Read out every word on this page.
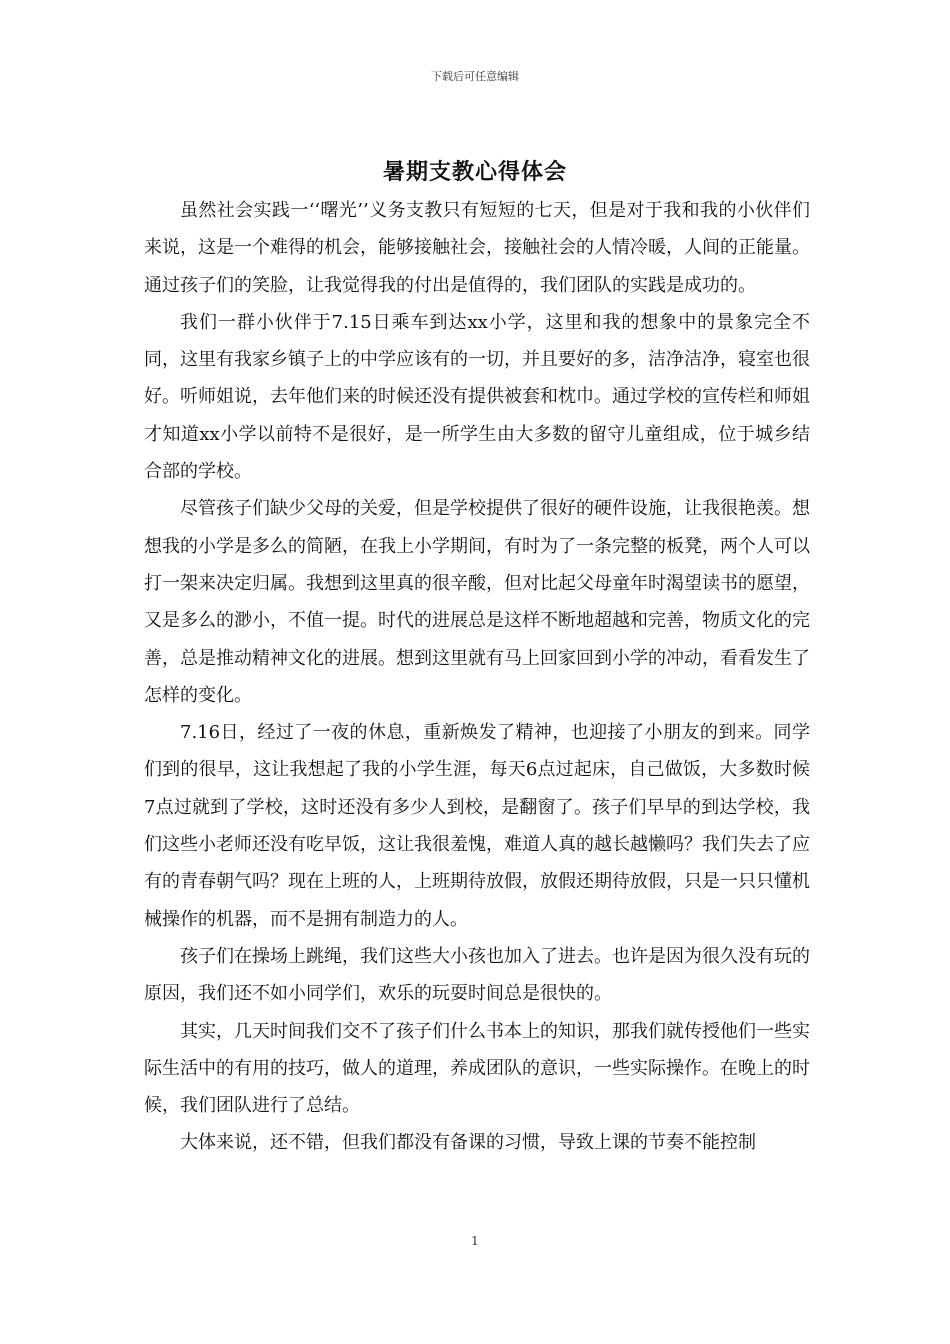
下载后可任意编辑
暑期支教心得体会

虽然社会实践一‘‘曙光’’义务支教只有短短的七天，但是对于我和我的小伙伴们来说，这是一个难得的机会，能够接触社会，接触社会的人情冷暖，人间的正能量。通过孩子们的笑脸，让我觉得我的付出是值得的，我们团队的实践是成功的。

我们一群小伙伴于7.15日乘车到达xx小学，这里和我的想象中的景象完全不同，这里有我家乡镇子上的中学应该有的一切，并且要好的多，洁净洁净，寝室也很好。听师姐说，去年他们来的时候还没有提供被套和枕巾。通过学校的宣传栏和师姐才知道xx小学以前特不是很好，是一所学生由大多数的留守儿童组成，位于城乡结合部的学校。

尽管孩子们缺少父母的关爱，但是学校提供了很好的硬件设施，让我很艳羡。想想我的小学是多么的简陋，在我上小学期间，有时为了一条完整的板凳，两个人可以打一架来决定归属。我想到这里真的很辛酸，但对比起父母童年时渴望读书的愿望，又是多么的渺小，不值一提。时代的进展总是这样不断地超越和完善，物质文化的完善，总是推动精神文化的进展。想到这里就有马上回家回到小学的冲动，看看发生了怎样的变化。

7.16日，经过了一夜的休息，重新焕发了精神，也迎接了小朋友的到来。同学们到的很早，这让我想起了我的小学生涯，每天6点过起床，自己做饭，大多数时候7点过就到了学校，这时还没有多少人到校，是翻窗了。孩子们早早的到达学校，我们这些小老师还没有吃早饭，这让我很羞愧，难道人真的越长越懒吗？我们失去了应有的青春朝气吗？现在上班的人，上班期待放假，放假还期待放假，只是一只只懂机械操作的机器，而不是拥有制造力的人。

孩子们在操场上跳绳，我们这些大小孩也加入了进去。也许是因为很久没有玩的原因，我们还不如小同学们，欢乐的玩耍时间总是很快的。

其实，几天时间我们交不了孩子们什么书本上的知识，那我们就传授他们一些实际生活中的有用的技巧，做人的道理，养成团队的意识，一些实际操作。在晚上的时候，我们团队进行了总结。

大体来说，还不错，但我们都没有备课的习惯，导致上课的节奏不能控制

1
